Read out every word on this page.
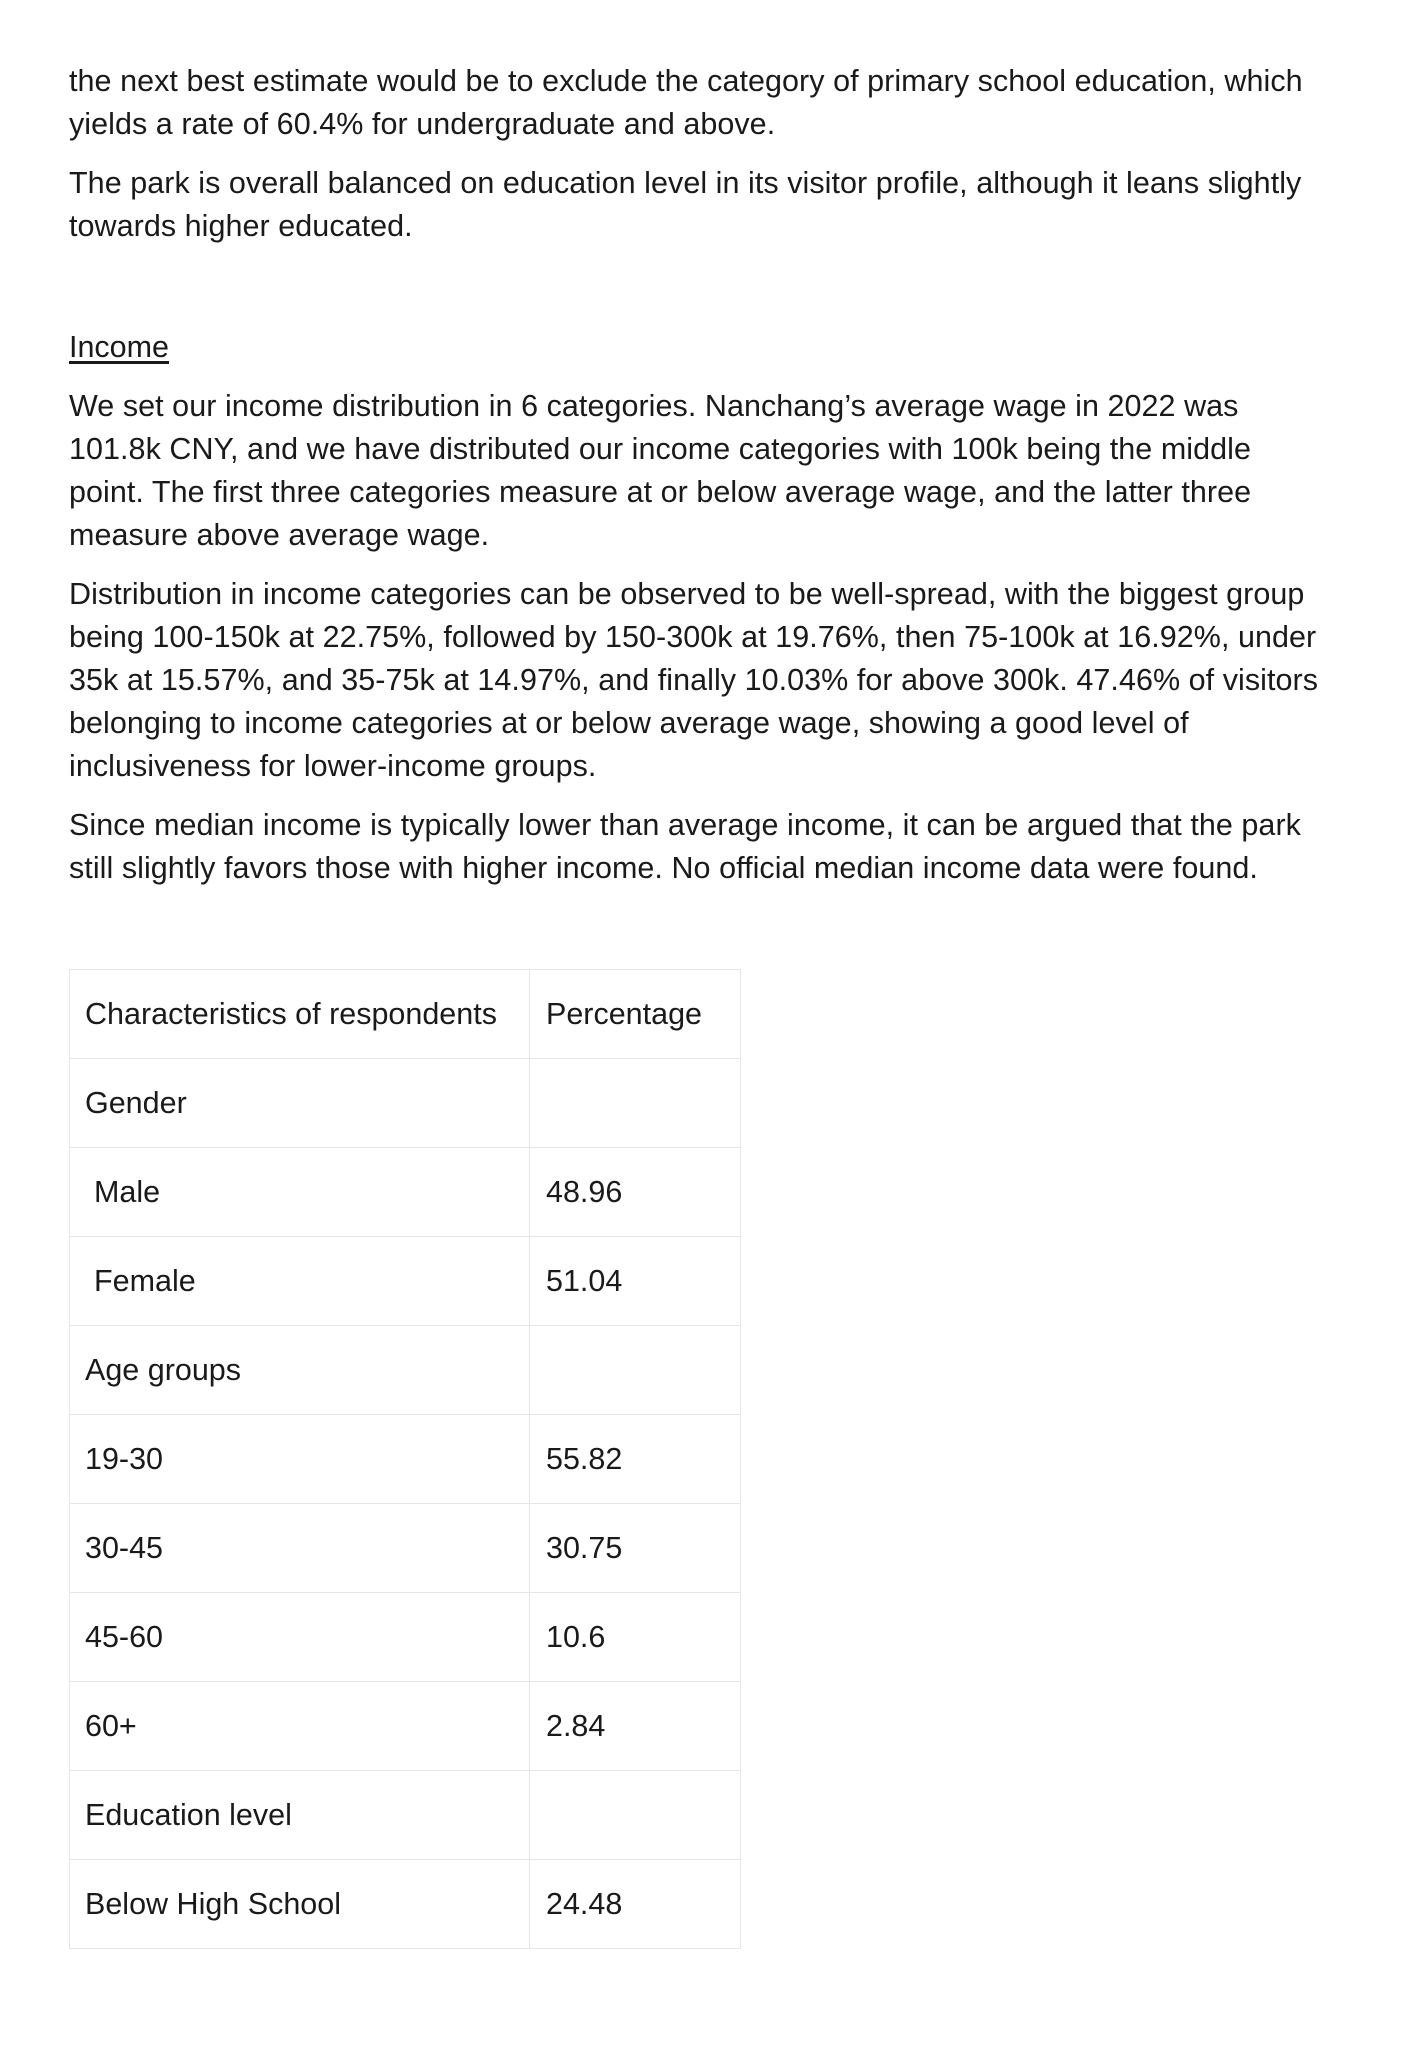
the next best estimate would be to exclude the category of primary school education, which
yields a rate of 60.4% for undergraduate and above.

The park is overall balanced on education level in its visitor profile, although it leans slightly
towards higher educated.

Income

We set our income distribution in 6 categories. Nanchang’s average wage in 2022 was
101.8k CNY, and we have distributed our income categories with 100k being the middle
point. The first three categories measure at or below average wage, and the latter three
measure above average wage.

Distribution in income categories can be observed to be well-spread, with the biggest group
being 100-150k at 22.75%, followed by 150-300k at 19.76%, then 75-100k at 16.92%, under
35k at 15.57%, and 35-75k at 14.97%, and finally 10.03% for above 300k. 47.46% of visitors
belonging to income categories at or below average wage, showing a good level of
inclusiveness for lower-income groups.

Since median income is typically lower than average income, it can be argued that the park
still slightly favors those with higher income. No official median income data were found.

Characteristics of respondents	Percentage

Gender	

Male	48.96

Female	51.04

Age groups	

19-30	55.82

30-45	30.75

45-60	10.6

60+	2.84

Education level	

Below High School	24.48
